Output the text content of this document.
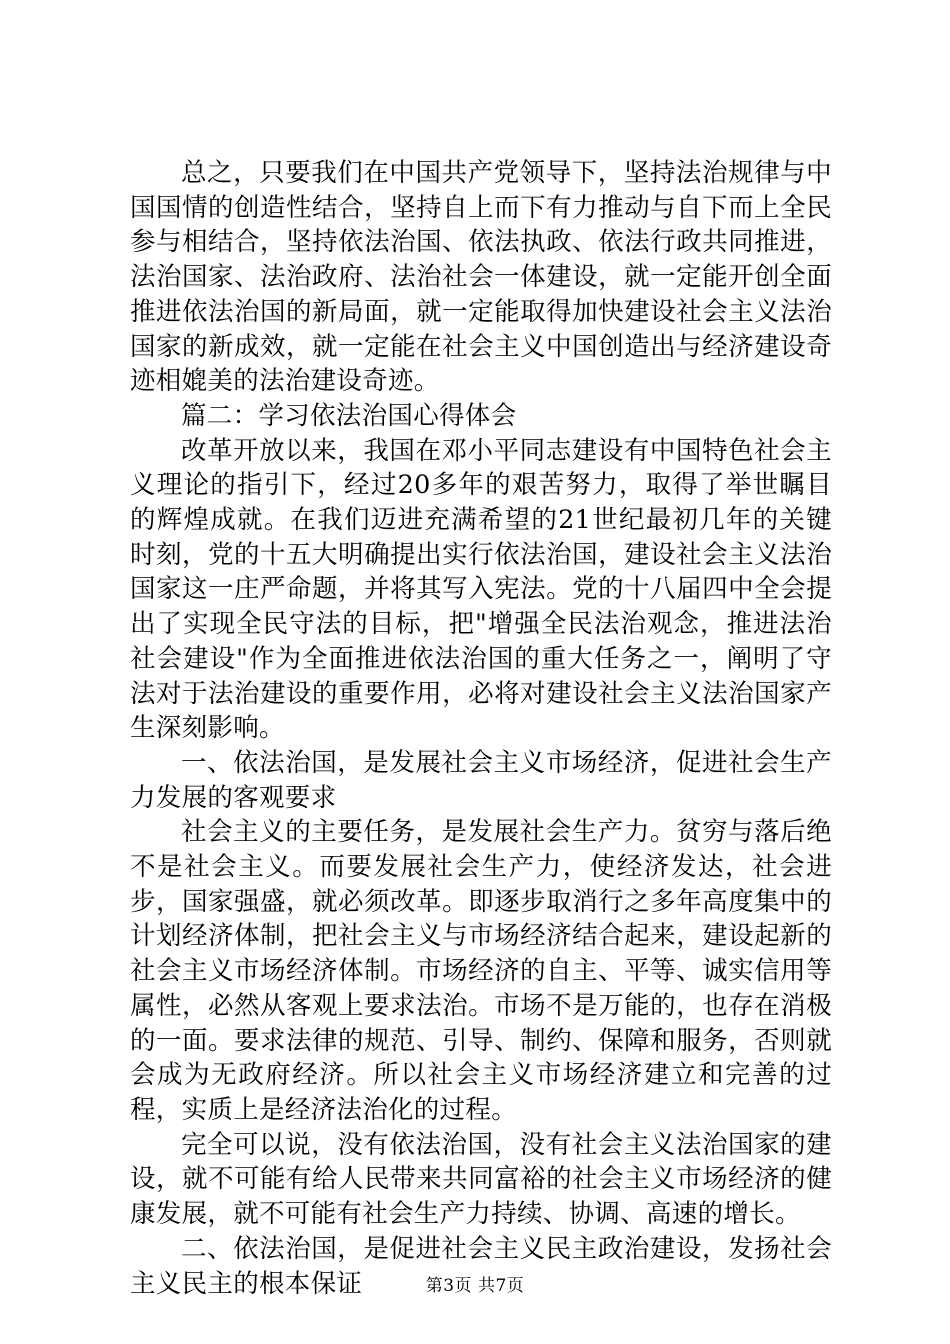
总之，只要我们在中国共产党领导下，坚持法治规律与中国国情的创造性结合，坚持自上而下有力推动与自下而上全民参与相结合，坚持依法治国、依法执政、依法行政共同推进，法治国家、法治政府、法治社会一体建设，就一定能开创全面推进依法治国的新局面，就一定能取得加快建设社会主义法治国家的新成效，就一定能在社会主义中国创造出与经济建设奇迹相媲美的法治建设奇迹。

篇二：学习依法治国心得体会

改革开放以来，我国在邓小平同志建设有中国特色社会主义理论的指引下，经过20多年的艰苦努力，取得了举世瞩目的辉煌成就。在我们迈进充满希望的21世纪最初几年的关键时刻，党的十五大明确提出实行依法治国，建设社会主义法治国家这一庄严命题，并将其写入宪法。党的十八届四中全会提出了实现全民守法的目标，把"增强全民法治观念，推进法治社会建设"作为全面推进依法治国的重大任务之一，阐明了守法对于法治建设的重要作用，必将对建设社会主义法治国家产生深刻影响。

一、依法治国，是发展社会主义市场经济，促进社会生产力发展的客观要求

社会主义的主要任务，是发展社会生产力。贫穷与落后绝不是社会主义。而要发展社会生产力，使经济发达，社会进步，国家强盛，就必须改革。即逐步取消行之多年高度集中的计划经济体制，把社会主义与市场经济结合起来，建设起新的社会主义市场经济体制。市场经济的自主、平等、诚实信用等属性，必然从客观上要求法治。市场不是万能的，也存在消极的一面。要求法律的规范、引导、制约、保障和服务，否则就会成为无政府经济。所以社会主义市场经济建立和完善的过程，实质上是经济法治化的过程。

完全可以说，没有依法治国，没有社会主义法治国家的建设，就不可能有给人民带来共同富裕的社会主义市场经济的健康发展，就不可能有社会生产力持续、协调、高速的增长。

二、依法治国，是促进社会主义民主政治建设，发扬社会主义民主的根本保证	第3页 共7页
